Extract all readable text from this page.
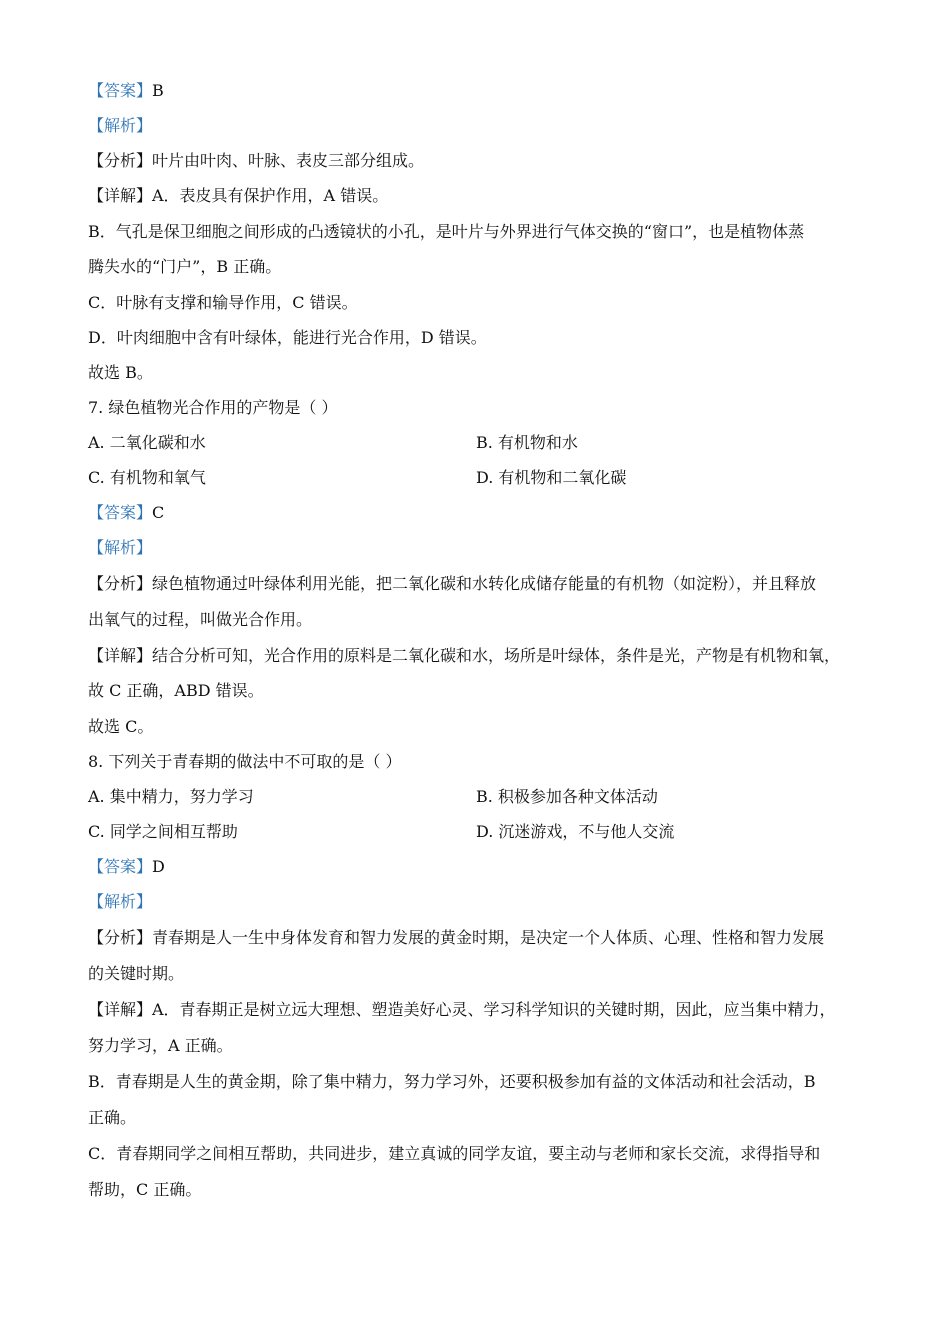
【答案】B
【解析】
【分析】叶片由叶肉、叶脉、表皮三部分组成。
【详解】A．表皮具有保护作用，A 错误。
B．气孔是保卫细胞之间形成的凸透镜状的小孔，是叶片与外界进行气体交换的“窗口”，也是植物体蒸
腾失水的“门户”，B 正确。
C．叶脉有支撑和输导作用，C 错误。
D．叶肉细胞中含有叶绿体，能进行光合作用，D 错误。
故选 B。
7. 绿色植物光合作用的产物是（ ）
A. 二氧化碳和水	B. 有机物和水
C. 有机物和氧气	D. 有机物和二氧化碳
【答案】C
【解析】
【分析】绿色植物通过叶绿体利用光能，把二氧化碳和水转化成储存能量的有机物（如淀粉），并且释放
出氧气的过程，叫做光合作用。
【详解】结合分析可知，光合作用的原料是二氧化碳和水，场所是叶绿体，条件是光，产物是有机物和氧，
故 C 正确，ABD 错误。
故选 C。
8. 下列关于青春期的做法中不可取的是（ ）
A. 集中精力，努力学习	B. 积极参加各种文体活动
C. 同学之间相互帮助	D. 沉迷游戏，不与他人交流
【答案】D
【解析】
【分析】青春期是人一生中身体发育和智力发展的黄金时期，是决定一个人体质、心理、性格和智力发展
的关键时期。
【详解】A．青春期正是树立远大理想、塑造美好心灵、学习科学知识的关键时期，因此，应当集中精力，
努力学习，A 正确。
B．青春期是人生的黄金期，除了集中精力，努力学习外，还要积极参加有益的文体活动和社会活动，B
正确。
C．青春期同学之间相互帮助，共同进步，建立真诚的同学友谊，要主动与老师和家长交流，求得指导和
帮助，C 正确。
